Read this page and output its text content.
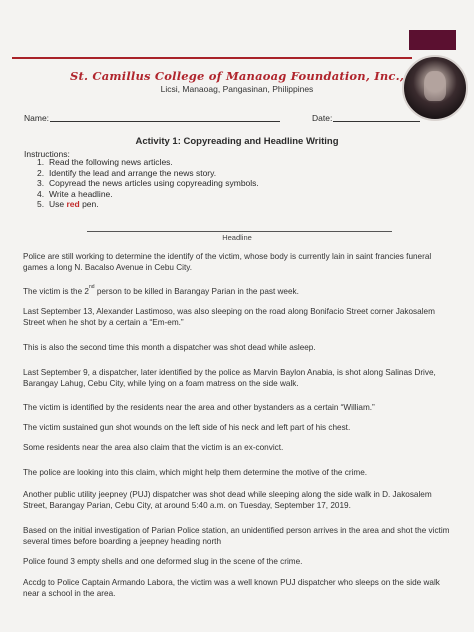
St. Camillus College of Manaoag Foundation, Inc.,
Licsi, Manaoag, Pangasinan, Philippines
Name:	Date:
Activity 1: Copyreading and Headline Writing
Instructions:
1. Read the following news articles.
2. Identify the lead and arrange the news story.
3. Copyread the news articles using copyreading symbols.
4. Write a headline.
5. Use red pen.
Headline

Police are still working to determine the identify of the victim, whose body is currently lain in saint francies funeral games a long N. Bacalso Avenue in Cebu City.

The victim is the 2nd person to be killed in Barangay Parian in the past week.

Last September 13, Alexander Lastimoso, was also sleeping on the road along Bonifacio Street corner Jakosalem Street when he shot by a certain a “Em-em.”

This is also the second time this month a dispatcher was shot dead while asleep.

Last September 9, a dispatcher, later identified by the police as Marvin Baylon Anabia, is shot along Salinas Drive, Barangay Lahug, Cebu City, while lying on a foam matress on the side walk.

The victim is identified by the residents near the area and other bystanders as a certain “William.”

The victim sustained gun shot wounds on the left side of his neck and left part of his chest.

Some residents near the area also claim that the victim is an ex-convict.

The police are looking into this claim, which might help them determine the motive of the crime.

Another public utility jeepney (PUJ) dispatcher was shot dead while sleeping along the side walk in D. Jakosalem Street, Barangay Parian, Cebu City, at around 5:40 a.m. on Tuesday, September 17, 2019.

Based on the initial investigation of Parian Police station, an unidentified person arrives in the area and shot the victim several times before boarding a jeepney heading north

Police found 3 empty shells and one deformed slug in the scene of the crime.

Accdg to Police Captain Armando Labora, the victim was a well known PUJ dispatcher who sleeps on the side walk near a school in the area.
